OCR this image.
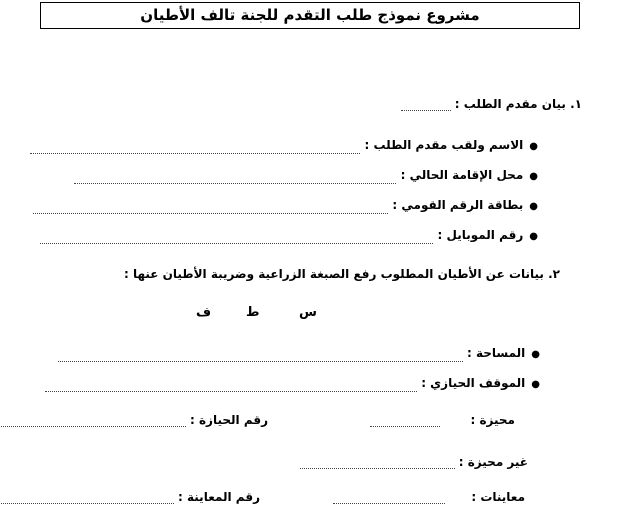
مشروع نموذج طلب التقدم للجنة تالف الأطيان
١. بيان مقدم الطلب :
●الاسم ولقب مقدم الطلب :
●محل الإقامة الحالي :
●بطاقة الرقم القومي :
●رقم الموبايل :
٢. بيانات عن الأطيان المطلوب رفع الصبغة الزراعية وضريبة الأطيان عنها :
س
ط
ف
●المساحة :
●الموقف الحيازي :
محيزة :
رقم الحيازة :
غير محيزة :
معاينات :
رقم المعاينة :
